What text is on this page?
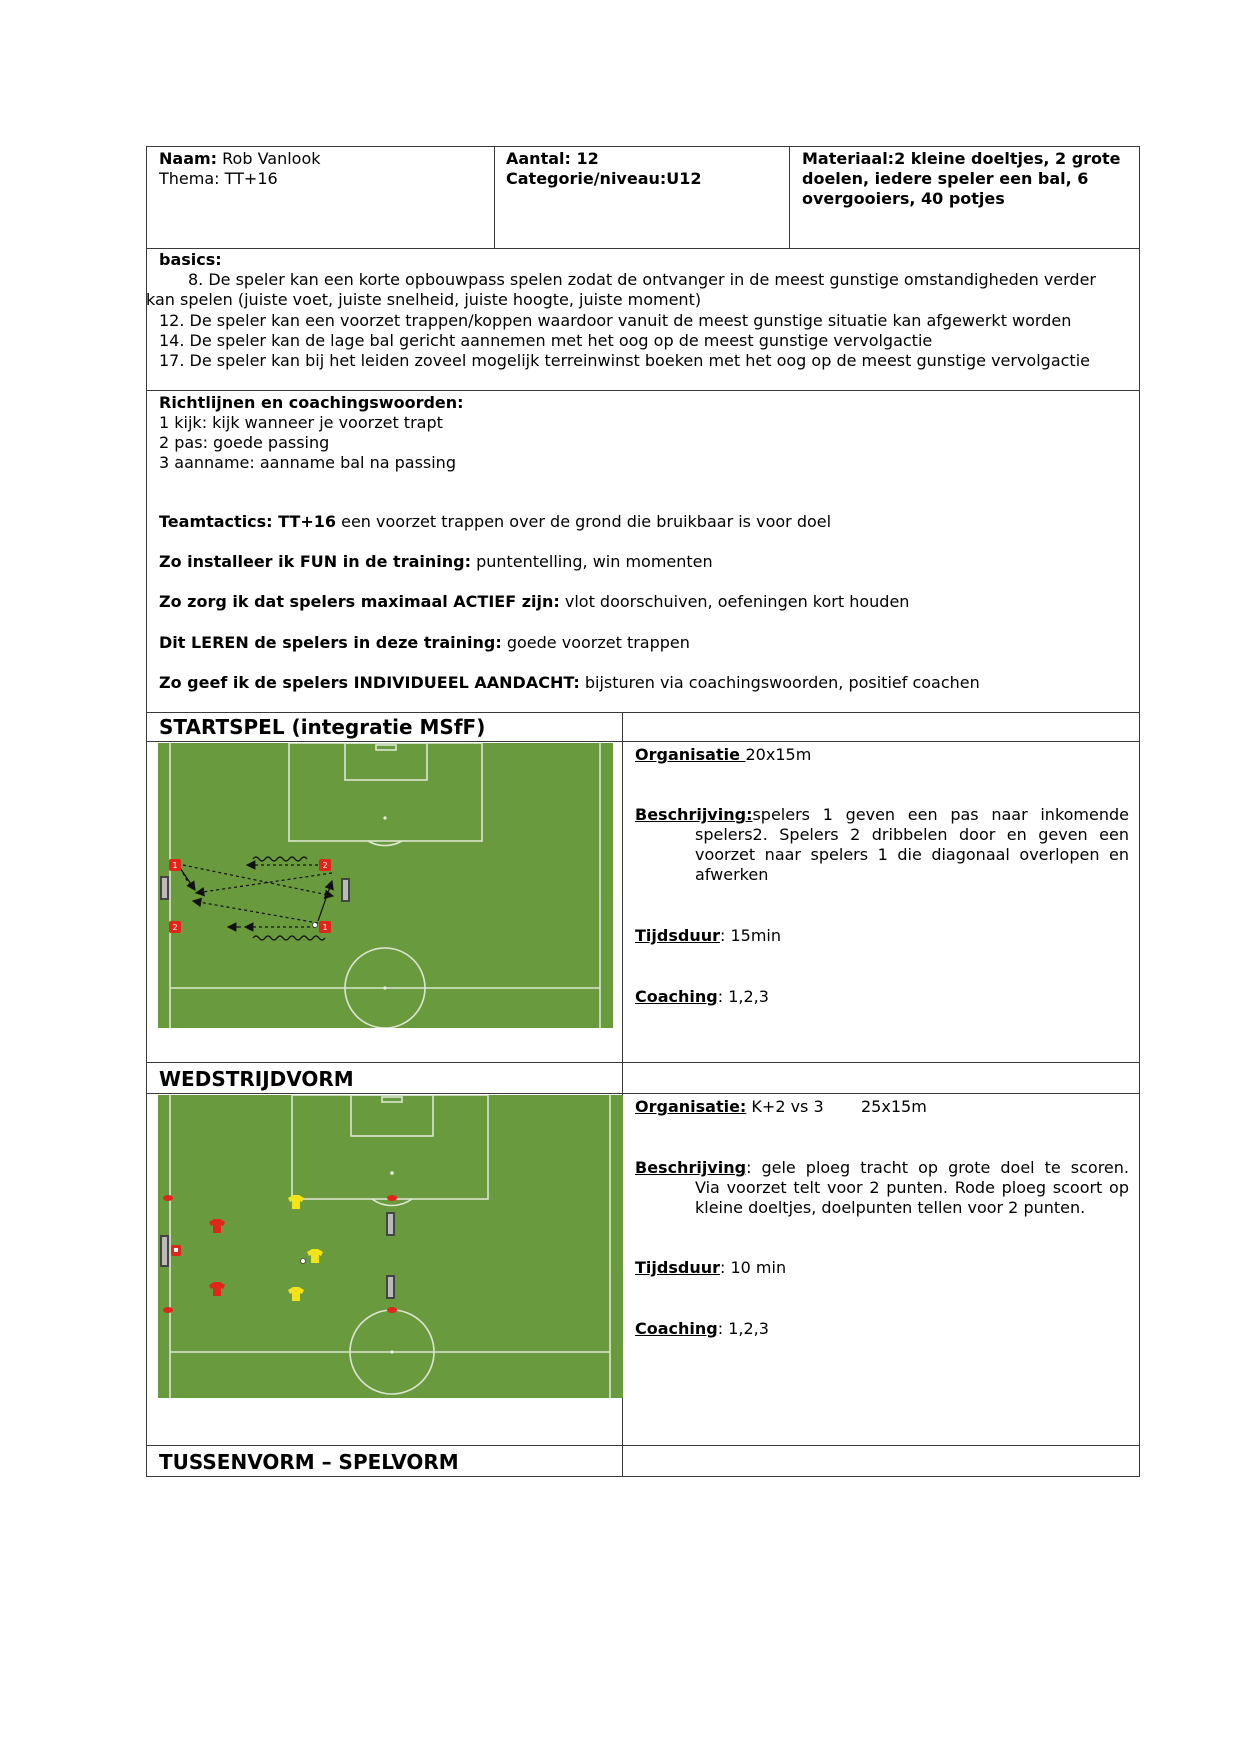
Naam: Rob Vanlook
Thema: TT+16
Aantal: 12
Categorie/niveau:U12
Materiaal:2 kleine doeltjes, 2 grote
doelen, iedere speler een bal, 6
overgooiers, 40 potjes
basics:
8. De speler kan een korte opbouwpass spelen zodat de ontvanger in de meest gunstige omstandigheden verder
kan spelen (juiste voet, juiste snelheid, juiste hoogte, juiste moment)
12. De speler kan een voorzet trappen/koppen waardoor vanuit de meest gunstige situatie kan afgewerkt worden
14. De speler kan de lage bal gericht aannemen met het oog op de meest gunstige vervolgactie
17. De speler kan bij het leiden zoveel mogelijk terreinwinst boeken met het oog op de meest gunstige vervolgactie
Richtlijnen en coachingswoorden:
1 kijk: kijk wanneer je voorzet trapt
2 pas: goede passing
3 aanname: aanname bal na passing
Teamtactics: TT+16 een voorzet trappen over de grond die bruikbaar is voor doel
Zo installeer ik FUN in de training: puntentelling, win momenten
Zo zorg ik dat spelers maximaal ACTIEF zijn: vlot doorschuiven, oefeningen kort houden
Dit LEREN de spelers in deze training: goede voorzet trappen
Zo geef ik de spelers INDIVIDUEEL AANDACHT: bijsturen via coachingswoorden, positief coachen
STARTSPEL (integratie MSfF)
1	2
2	1
Organisatie 20x15m
Beschrijving: spelers 1 geven een pas naar inkomende
spelers2. Spelers 2 dribbelen door en geven een voorzet naar spelers 1 die diagonaal overlopen en afwerken
Tijdsduur: 15min
Coaching: 1,2,3
WEDSTRIJDVORM
Organisatie: K+2 vs 3 25x15m
Beschrijving : gele ploeg tracht op grote doel te scoren.
Via voorzet telt voor 2 punten. Rode ploeg scoort op kleine doeltjes, doelpunten tellen voor 2 punten.
Tijdsduur: 10 min
Coaching: 1,2,3
TUSSENVORM – SPELVORM
